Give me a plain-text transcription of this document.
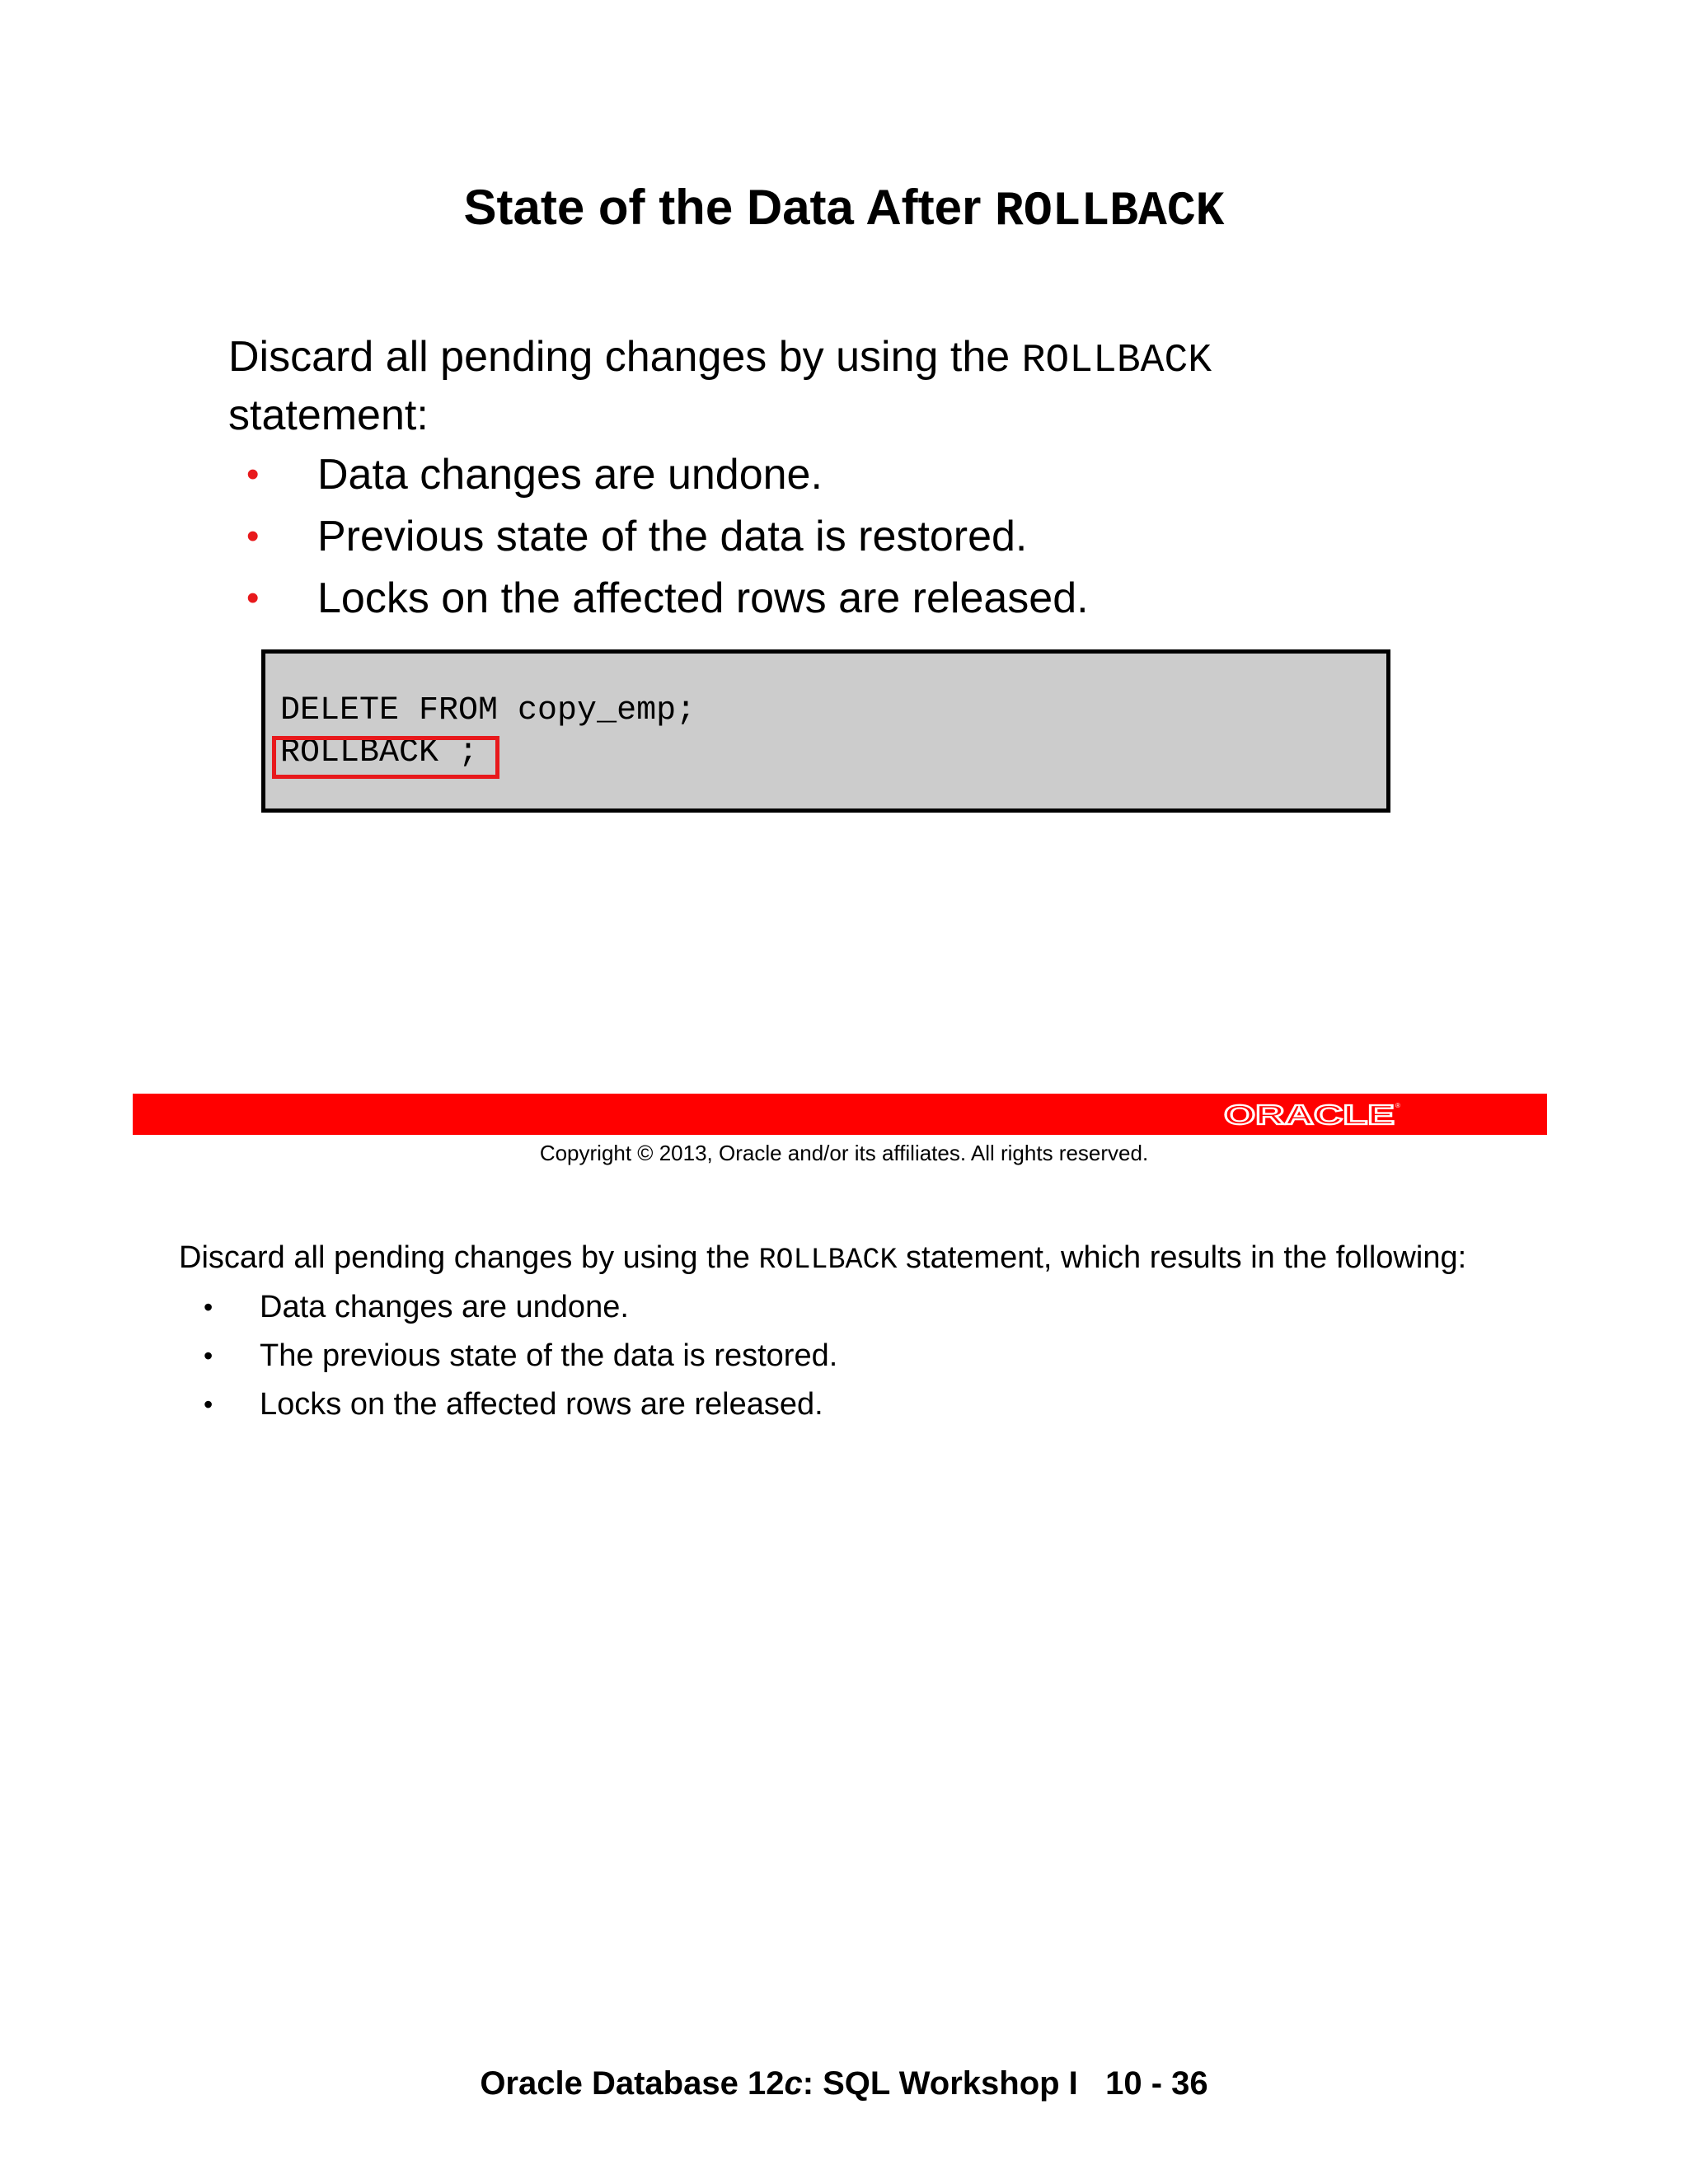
State of the Data After ROLLBACK
Discard all pending changes by using the ROLLBACK
statement:
• Data changes are undone.
• Previous state of the data is restored.
• Locks on the affected rows are released.
DELETE FROM copy_emp;
ROLLBACK ;
ORACLE ®
Copyright © 2013, Oracle and/or its affiliates. All rights reserved.
Discard all pending changes by using the ROLLBACK statement, which results in the following:
• Data changes are undone.
• The previous state of the data is restored.
• Locks on the affected rows are released.
Oracle Database 12c: SQL Workshop I 10 - 36
